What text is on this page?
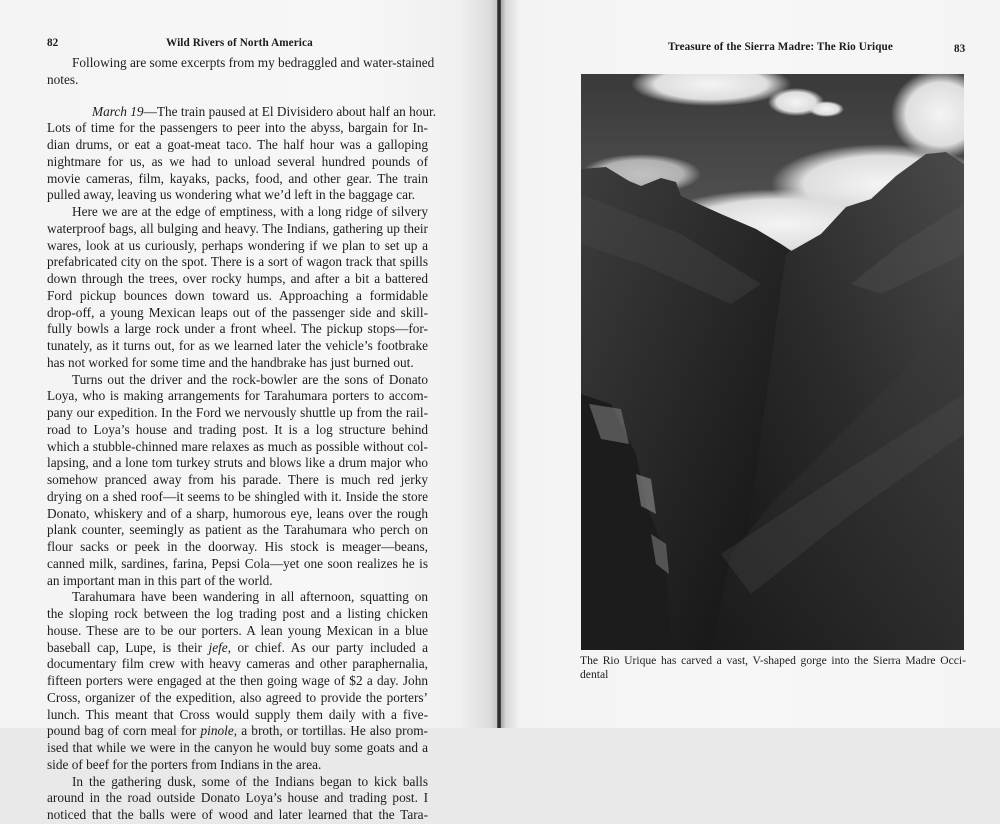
82	Wild Rivers of North America
Following are some excerpts from my bedraggled and water-stained
notes.
March 19—The train paused at El Divisidero about half an hour.
Lots of time for the passengers to peer into the abyss, bargain for In-
dian drums, or eat a goat-meat taco. The half hour was a galloping
nightmare for us, as we had to unload several hundred pounds of
movie cameras, film, kayaks, packs, food, and other gear. The train
pulled away, leaving us wondering what we’d left in the baggage car.
Here we are at the edge of emptiness, with a long ridge of silvery
waterproof bags, all bulging and heavy. The Indians, gathering up their
wares, look at us curiously, perhaps wondering if we plan to set up a
prefabricated city on the spot. There is a sort of wagon track that spills
down through the trees, over rocky humps, and after a bit a battered
Ford pickup bounces down toward us. Approaching a formidable
drop-off, a young Mexican leaps out of the passenger side and skill-
fully bowls a large rock under a front wheel. The pickup stops—for-
tunately, as it turns out, for as we learned later the vehicle’s footbrake
has not worked for some time and the handbrake has just burned out.
Turns out the driver and the rock-bowler are the sons of Donato
Loya, who is making arrangements for Tarahumara porters to accom-
pany our expedition. In the Ford we nervously shuttle up from the rail-
road to Loya’s house and trading post. It is a log structure behind
which a stubble-chinned mare relaxes as much as possible without col-
lapsing, and a lone tom turkey struts and blows like a drum major who
somehow pranced away from his parade. There is much red jerky
drying on a shed roof—it seems to be shingled with it. Inside the store
Donato, whiskery and of a sharp, humorous eye, leans over the rough
plank counter, seemingly as patient as the Tarahumara who perch on
flour sacks or peek in the doorway. His stock is meager—beans,
canned milk, sardines, farina, Pepsi Cola—yet one soon realizes he is
an important man in this part of the world.
Tarahumara have been wandering in all afternoon, squatting on
the sloping rock between the log trading post and a listing chicken
house. These are to be our porters. A lean young Mexican in a blue
baseball cap, Lupe, is their jefe, or chief. As our party included a
documentary film crew with heavy cameras and other paraphernalia,
fifteen porters were engaged at the then going wage of $2 a day. John
Cross, organizer of the expedition, also agreed to provide the porters’
lunch. This meant that Cross would supply them daily with a five-
pound bag of corn meal for pinole, a broth, or tortillas. He also prom-
ised that while we were in the canyon he would buy some goats and a
side of beef for the porters from Indians in the area.
In the gathering dusk, some of the Indians began to kick balls
around in the road outside Donato Loya’s house and trading post. I
noticed that the balls were of wood and later learned that the Tara-
Treasure of the Sierra Madre: The Rio Urique	83
The Rio Urique has carved a vast, V-shaped gorge into the Sierra Madre Occi-
dental
